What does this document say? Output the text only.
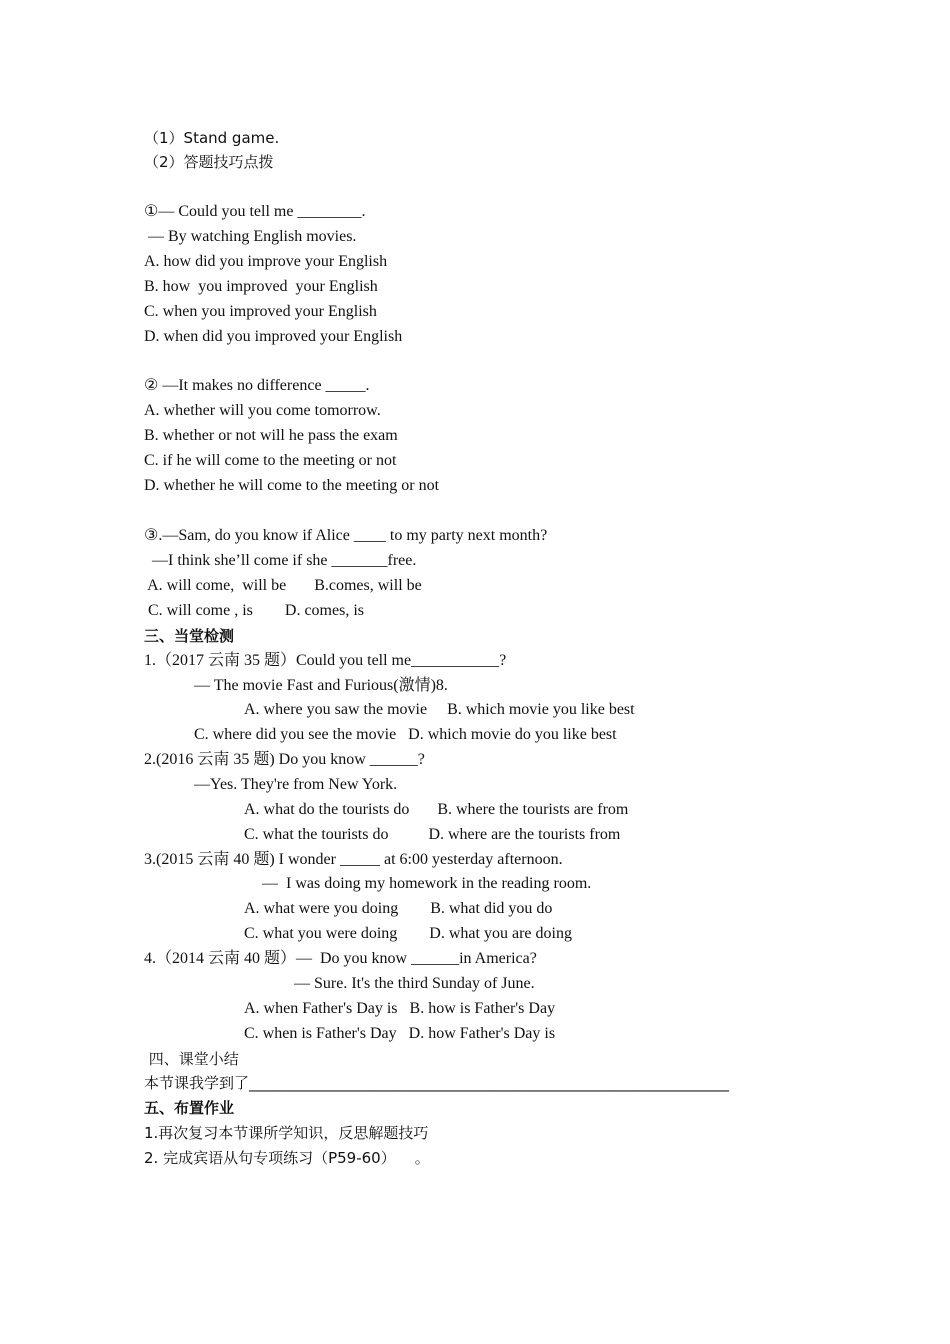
（1）Stand game.
（2）答题技巧点拨
①— Could you tell me ________.
— By watching English movies.
A. how did you improve your English
B. how  you improved  your English
C. when you improved your English
D. when did you improved your English
② —It makes no difference _____.
A. whether will you come tomorrow.
B. whether or not will he pass the exam
C. if he will come to the meeting or not
D. whether he will come to the meeting or not
③.—Sam, do you know if Alice ____ to my party next month?
—I think she’ll come if she _______free.
A. will come,  will be       B.comes, will be
C. will come , is        D. comes, is
三、当堂检测
1.（2017 云南 35 题）Could you tell me___________?
— The movie Fast and Furious(激情)8.
A. where you saw the movie     B. which movie you like best
C. where did you see the movie   D. which movie do you like best
2.(2016 云南 35 题) Do you know ______?
—Yes. They're from New York.
A. what do the tourists do       B. where the tourists are from
C. what the tourists do          D. where are the tourists from
3.(2015 云南 40 题) I wonder _____ at 6:00 yesterday afternoon.
—  I was doing my homework in the reading room.
A. what were you doing        B. what did you do
C. what you were doing        D. what you are doing
4.（2014 云南 40 题）—  Do you know ______in America?
— Sure. It's the third Sunday of June.
A. when Father's Day is   B. how is Father's Day
C. when is Father's Day   D. how Father's Day is
四、课堂小结
本节课我学到了________________________________________________________________
五、布置作业
1.再次复习本节课所学知识，反思解题技巧
2. 完成宾语从句专项练习（P59-60）    。
